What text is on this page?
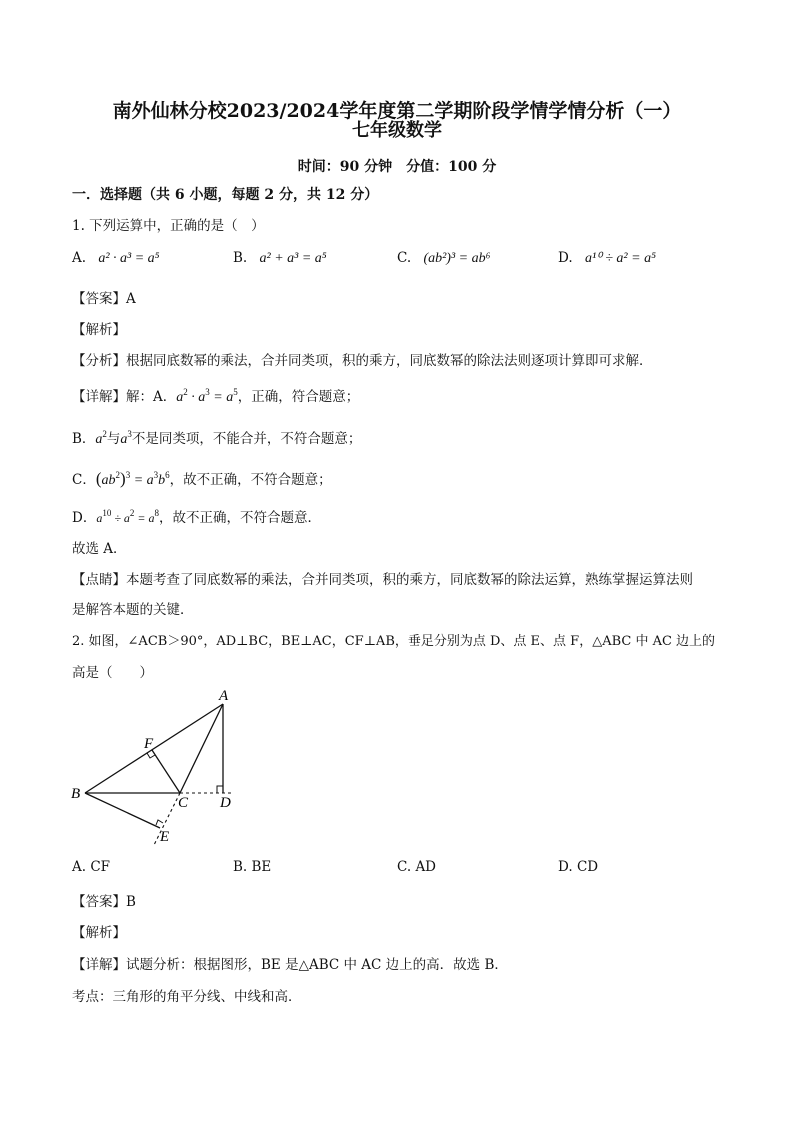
南外仙林分校2023/2024学年度第二学期阶段学情学情分析（一）
七年级数学
时间：90 分钟　分值：100 分
一．选择题（共 6 小题，每题 2 分，共 12 分）
1. 下列运算中，正确的是（　）
A. a² · a³ = a⁵	B. a² + a³ = a⁵	C. (ab²)³ = ab⁶	D. a¹⁰ ÷ a² = a⁵
【答案】A
【解析】
【分析】根据同底数幂的乘法，合并同类项，积的乘方，同底数幂的除法法则逐项计算即可求解．
【详解】解：A．$a^2 \cdot a^3 = a^5$，正确，符合题意；
B．$a^2$与$a^3$不是同类项，不能合并，不符合题意；
C．$(ab^2)^3 = a^3b^6$，故不正确，不符合题意；
D．$a^{10} \div a^2 = a^8$，故不正确，不符合题意．
故选 A．
【点睛】本题考查了同底数幂的乘法，合并同类项，积的乘方，同底数幂的除法运算，熟练掌握运算法则
是解答本题的关键．
2. 如图，∠ACB＞90°，AD⊥BC，BE⊥AC，CF⊥AB，垂足分别为点 D、点 E、点 F，△ABC 中 AC 边上的
高是（　　）
A
B
C D
E
F
A. CF	B. BE	C. AD	D. CD
【答案】B
【解析】
【详解】试题分析：根据图形，BE 是△ABC 中 AC 边上的高．故选 B．
考点：三角形的角平分线、中线和高．
